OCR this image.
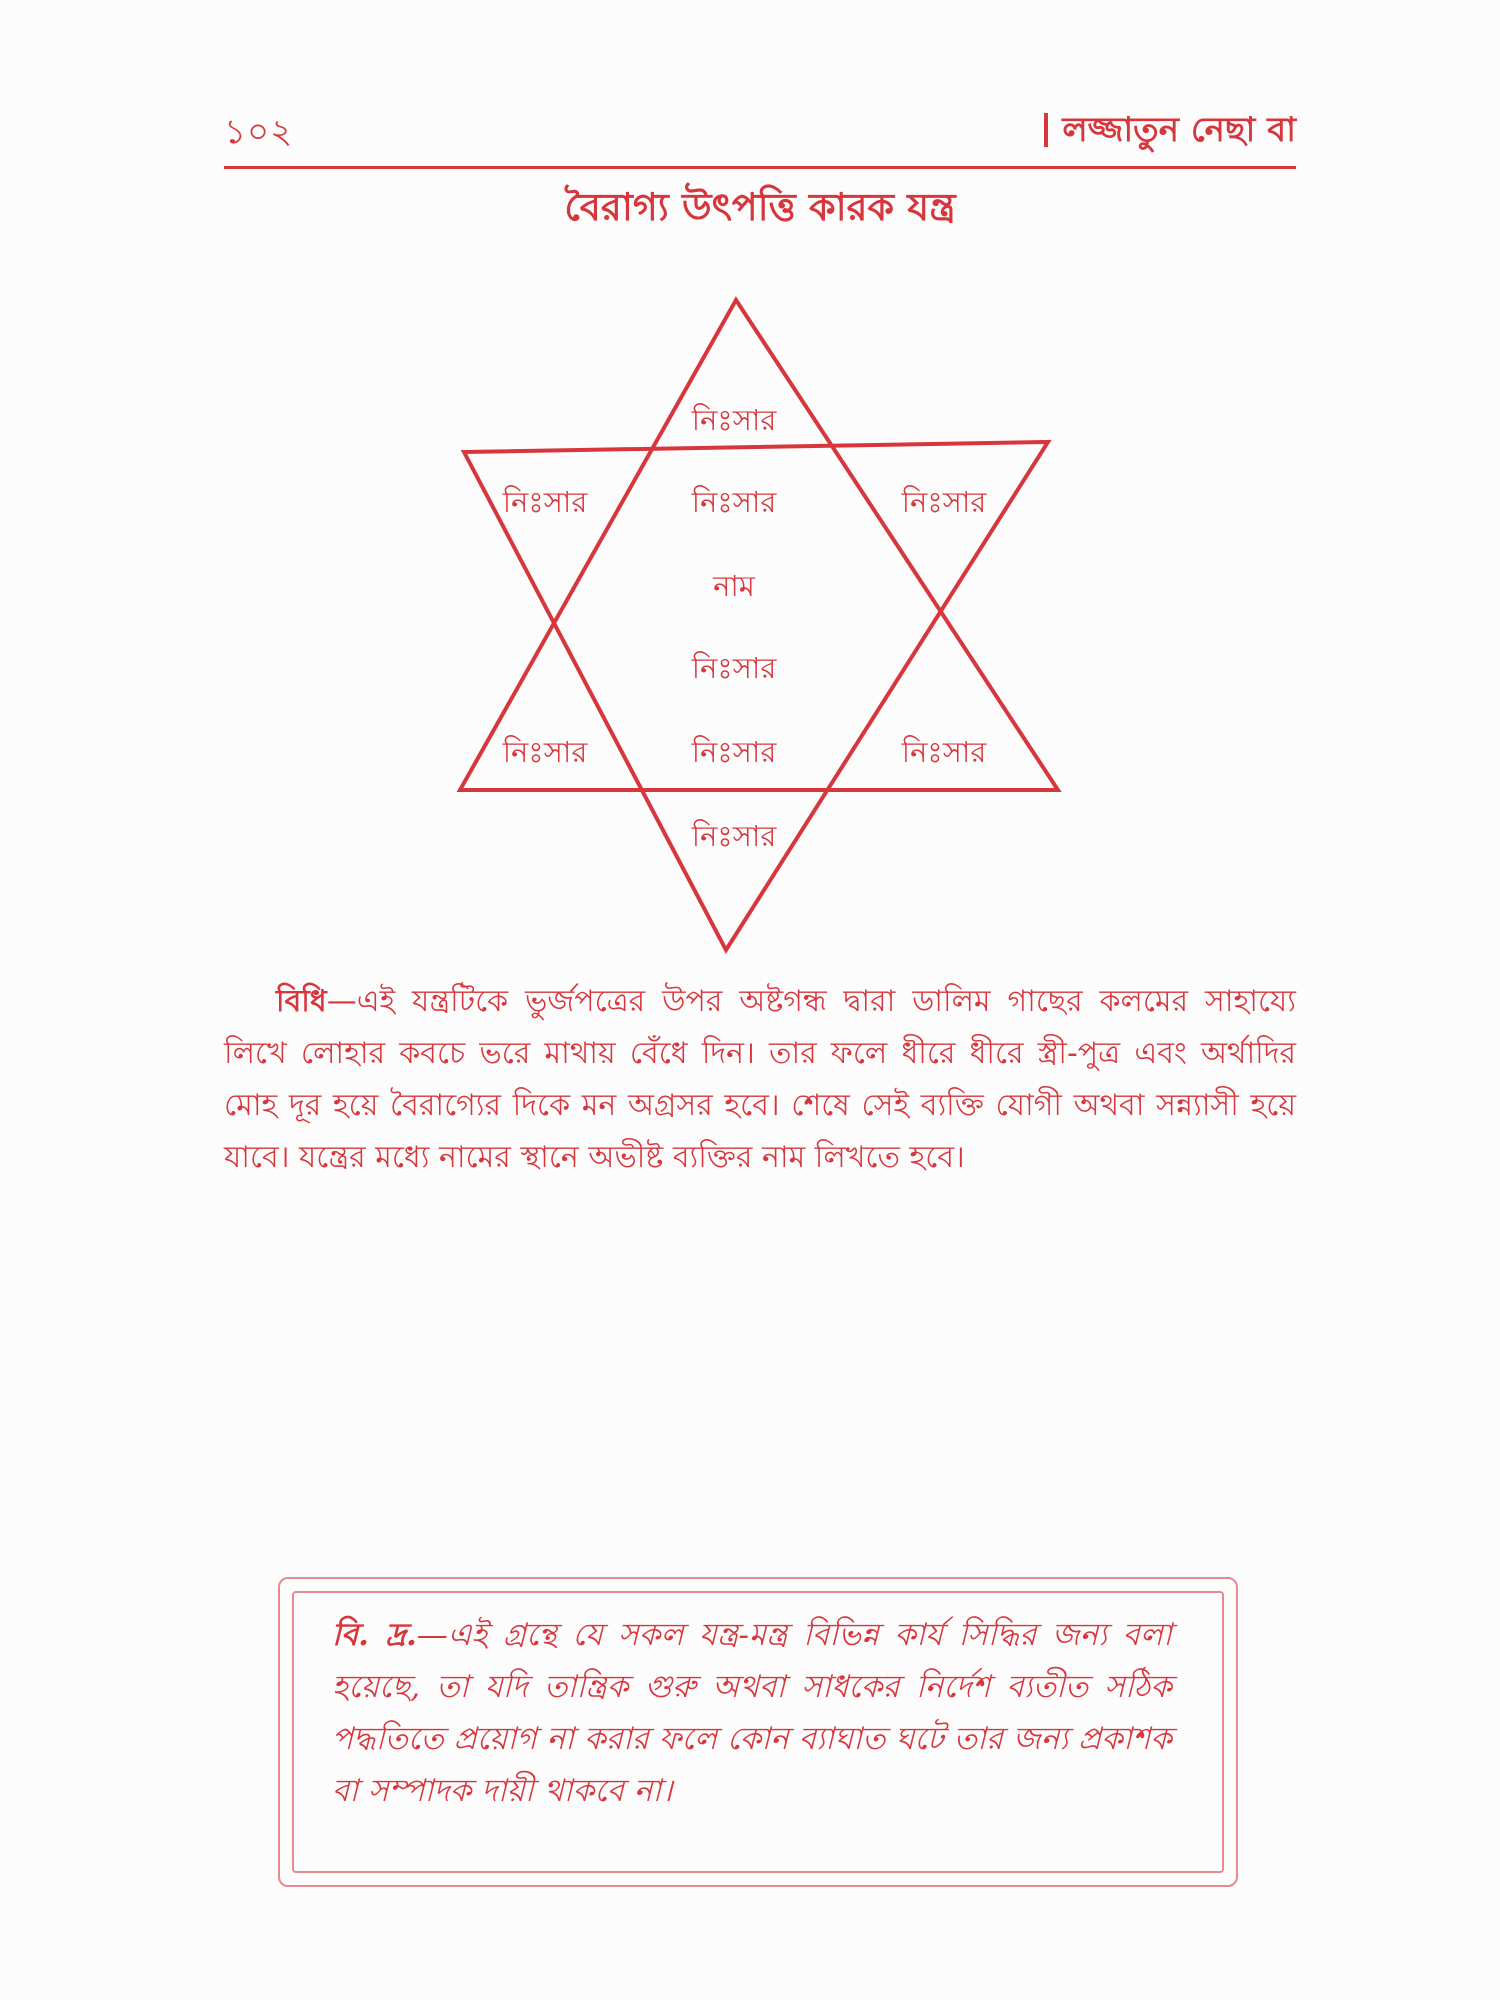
১০২	লজ্জাতুন নেছা বা
বৈরাগ্য উৎপত্তি কারক যন্ত্র
নিঃসার
নিঃসার	নিঃসার	নিঃসার
নাম
নিঃসার
নিঃসার	নিঃসার	নিঃসার
নিঃসার
বিধি—এই যন্ত্রটিকে ভুর্জপত্রের উপর অষ্টগন্ধ দ্বারা ডালিম গাছের কলমের সাহায্যে লিখে লোহার কবচে ভরে মাথায় বেঁধে দিন। তার ফলে ধীরে ধীরে স্ত্রী-পুত্র এবং অর্থাদির মোহ দূর হয়ে বৈরাগ্যের দিকে মন অগ্রসর হবে। শেষে সেই ব্যক্তি যোগী অথবা সন্ন্যাসী হয়ে যাবে। যন্ত্রের মধ্যে নামের স্থানে অভীষ্ট ব্যক্তির নাম লিখতে হবে।
বি. দ্র.—এই গ্রন্থে যে সকল যন্ত্র-মন্ত্র বিভিন্ন কার্য সিদ্ধির জন্য বলা হয়েছে, তা যদি তান্ত্রিক গুরু অথবা সাধকের নির্দেশ ব্যতীত সঠিক পদ্ধতিতে প্রয়োগ না করার ফলে কোন ব্যাঘাত ঘটে তার জন্য প্রকাশক বা সম্পাদক দায়ী থাকবে না।
